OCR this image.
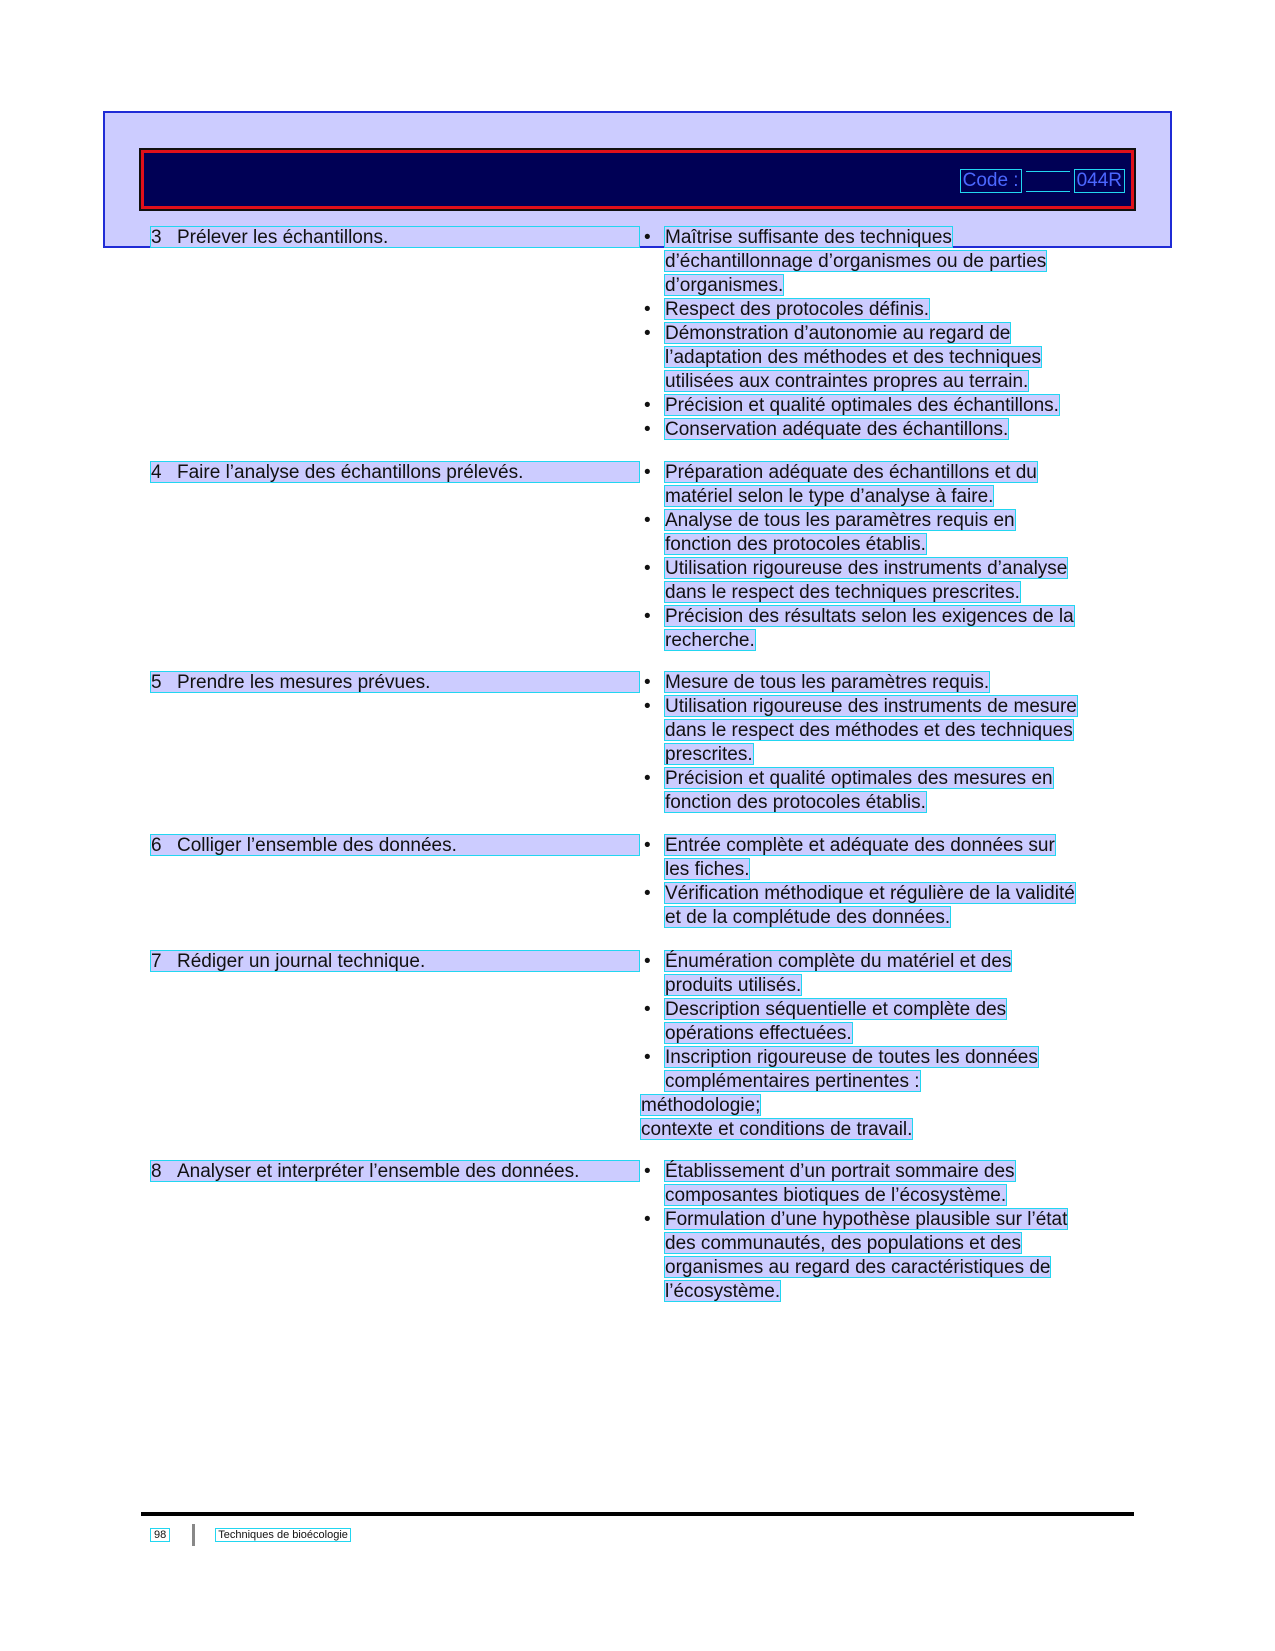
Code :	044R
3 Prélever les échantillons.	• Maîtrise suffisante des techniques
d’échantillonnage d’organismes ou de parties
d’organismes.

• Respect des protocoles définis.

• Démonstration d’autonomie au regard de
l’adaptation des méthodes et des techniques
utilisées aux contraintes propres au terrain.

• Précision et qualité optimales des échantillons.

• Conservation adéquate des échantillons.

4 Faire l’analyse des échantillons prélevés.	• Préparation adéquate des échantillons et du
matériel selon le type d’analyse à faire.

• Analyse de tous les paramètres requis en
fonction des protocoles établis.

• Utilisation rigoureuse des instruments d’analyse
dans le respect des techniques prescrites.

• Précision des résultats selon les exigences de la
recherche.

5 Prendre les mesures prévues.	• Mesure de tous les paramètres requis.

• Utilisation rigoureuse des instruments de mesure
dans le respect des méthodes et des techniques
prescrites.

• Précision et qualité optimales des mesures en
fonction des protocoles établis.

6 Colliger l’ensemble des données.	• Entrée complète et adéquate des données sur
les fiches.

• Vérification méthodique et régulière de la validité
et de la complétude des données.

7 Rédiger un journal technique.	• Énumération complète du matériel et des
produits utilisés.

• Description séquentielle et complète des
opérations effectuées.

• Inscription rigoureuse de toutes les données
complémentaires pertinentes :

méthodologie;
contexte et conditions de travail.
8 Analyser et interpréter l’ensemble des données.	• Établissement d’un portrait sommaire des
composantes biotiques de l’écosystème.

• Formulation d’une hypothèse plausible sur l’état
des communautés, des populations et des
organismes au regard des caractéristiques de
l’écosystème.

98	Techniques de bioécologie
